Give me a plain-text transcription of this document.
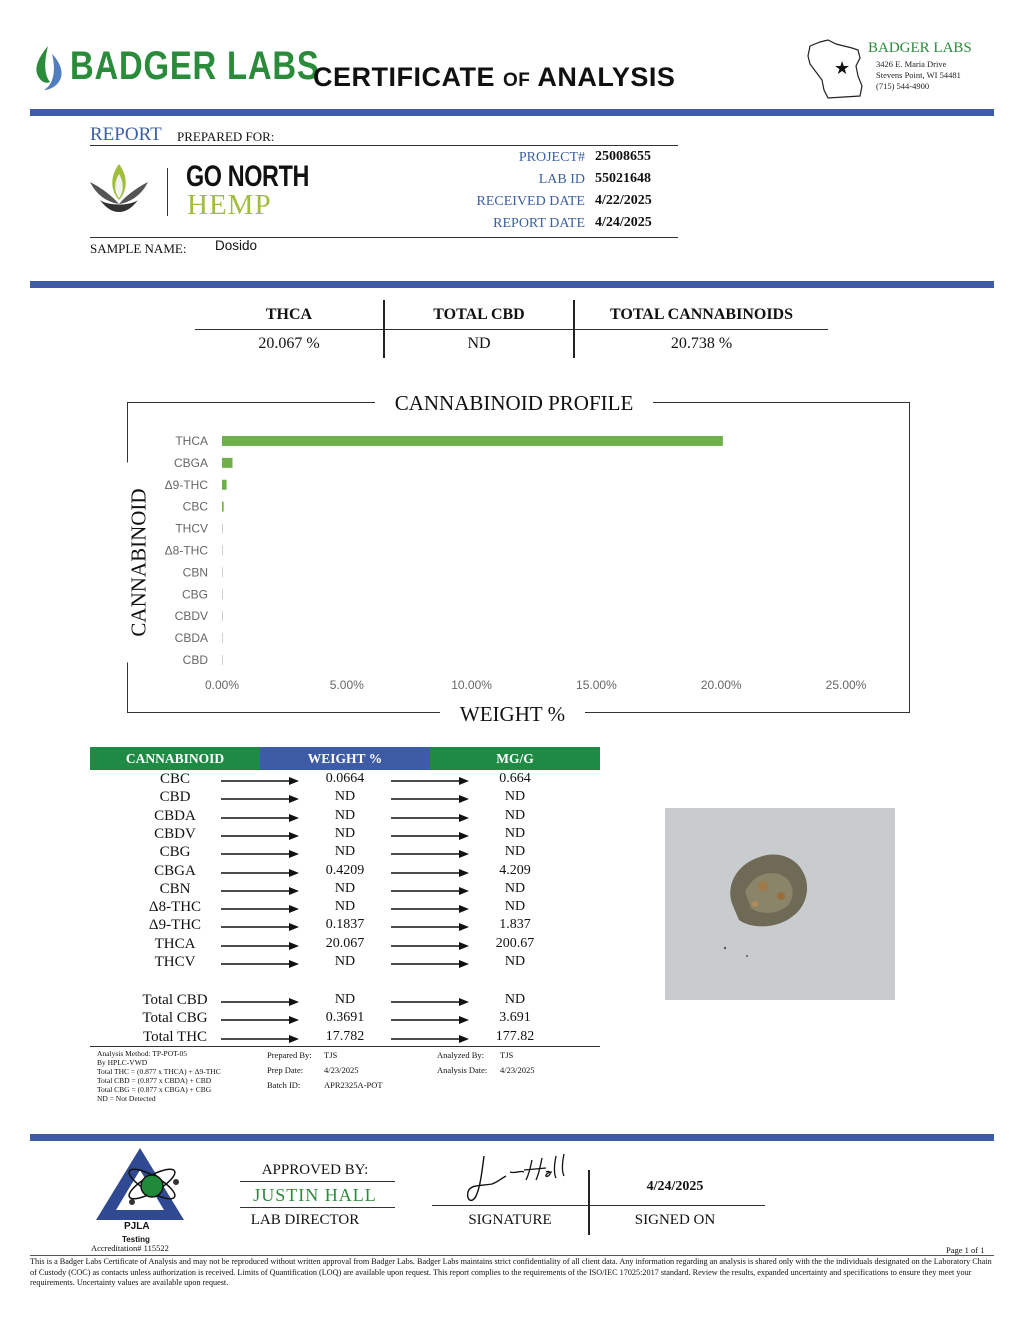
BADGER LABS
CERTIFICATE OF ANALYSIS	★
BADGER LABS
3426 E. Maria Drive
Stevens Point, WI 54481
(715) 544-4900
REPORT PREPARED FOR:
GO NORTH
HEMP
PROJECT# 25008655
LAB ID 55021648
RECEIVED DATE 4/22/2025
REPORT DATE 4/24/2025
SAMPLE NAME: Dosido
THCA	TOTAL CBD	TOTAL CANNABINOIDS
20.067 %	ND	20.738 %
CANNABINOID PROFILE
WEIGHT %
CANNABINOID
THCA
CBGA
Δ9-THC
CBC
THCV
Δ8-THC
CBN
CBG
CBDV
CBDA
CBD
0.00%	5.00%	10.00%	15.00%	20.00%	25.00%
CANNABINOID	WEIGHT %	MG/G
CBC	0.0664	0.664
CBD	ND	ND
CBDA	ND	ND
CBDV	ND	ND
CBG	ND	ND
CBGA	0.4209	4.209
CBN	ND	ND
Δ8-THC	ND	ND
Δ9-THC	0.1837	1.837
THCA	20.067	200.67
THCV	ND	ND
Total CBD	ND	ND
Total CBG	0.3691	3.691
Total THC	17.782	177.82
Analysis Method: TP-POT-05
By HPLC-VWD
Total THC = (0.877 x THCA) + Δ9-THC
Total CBD = (0.877 x CBDA) + CBD
Total CBG = (0.877 x CBGA) + CBG
ND = Not Detected
Prepared By: TJS
Prep Date: 4/23/2025
Batch ID:	APR2325A-POT
Analyzed By: TJS
Analysis Date: 4/23/2025
PJLA
Testing
Accreditation# 115522
APPROVED BY:
JUSTIN HALL
LAB DIRECTOR	SIGNATURE
4/24/2025
SIGNED ON
Page 1 of 1
This is a Badger Labs Certificate of Analysis and may not be reproduced without written approval from Badger Labs. Badger Labs maintains strict confidentiality of all client data. Any information regarding an analysis is shared only with the the individuals designated on the Laboratory Chain of Custody (COC) as contacts unless authorization is received. Limits of Quantification (LOQ) are available upon request. This report complies to the requirements of the ISO/IEC 17025:2017 standard. Review the results, expanded uncertainty and specifications to ensure they meet your requirements. Uncertainty values are available upon request.
